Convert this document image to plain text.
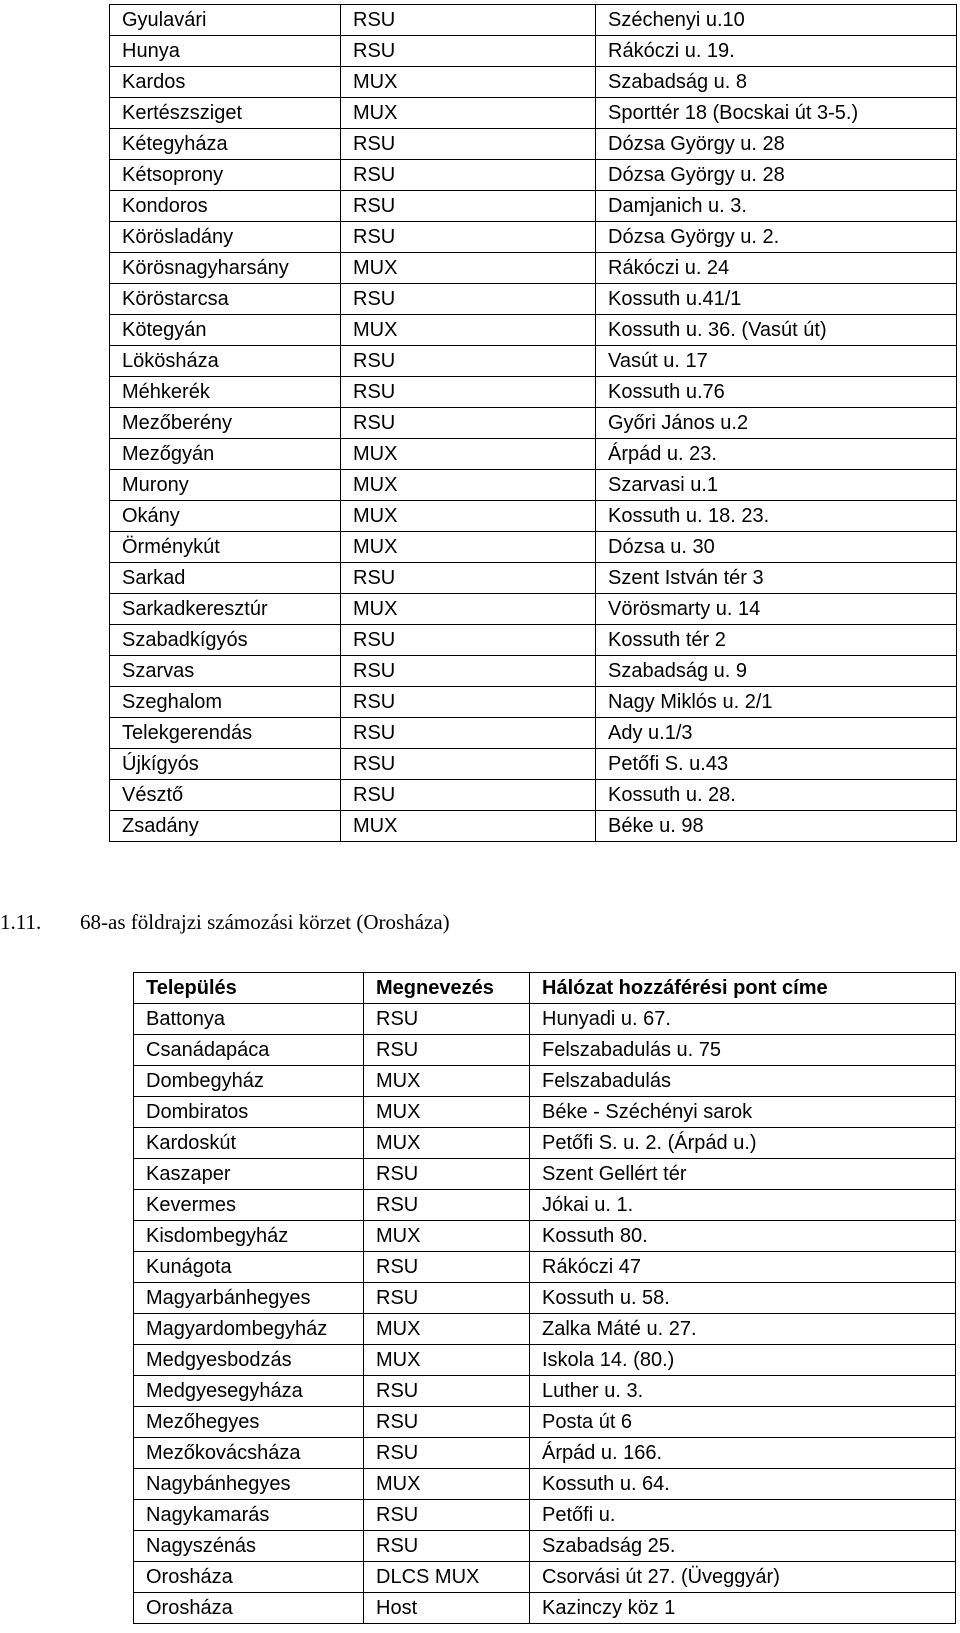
Gyulavári	RSU	Széchenyi u.10
Hunya	RSU	Rákóczi u. 19.
Kardos	MUX	Szabadság u. 8
Kertészsziget	MUX	Sporttér 18 (Bocskai út 3-5.)
Kétegyháza	RSU	Dózsa György u. 28
Kétsoprony	RSU	Dózsa György u. 28
Kondoros	RSU	Damjanich u. 3.
Körösladány	RSU	Dózsa György u. 2.
Körösnagyharsány	MUX	Rákóczi u. 24
Köröstarcsa	RSU	Kossuth u.41/1
Kötegyán	MUX	Kossuth u. 36. (Vasút út)
Lökösháza	RSU	Vasút u. 17
Méhkerék	RSU	Kossuth u.76
Mezőberény	RSU	Győri János u.2
Mezőgyán	MUX	Árpád u. 23.
Murony	MUX	Szarvasi u.1
Okány	MUX	Kossuth u. 18. 23.
Örménykút	MUX	Dózsa u. 30
Sarkad	RSU	Szent István tér 3
Sarkadkeresztúr	MUX	Vörösmarty u. 14
Szabadkígyós	RSU	Kossuth tér 2
Szarvas	RSU	Szabadság u. 9
Szeghalom	RSU	Nagy Miklós u. 2/1
Telekgerendás	RSU	Ady u.1/3
Újkígyós	RSU	Petőfi S. u.43
Vésztő	RSU	Kossuth u. 28.
Zsadány	MUX	Béke u. 98
1.11. 68-as földrajzi számozási körzet (Orosháza)
Település	Megnevezés	Hálózat hozzáférési pont címe
Battonya	RSU	Hunyadi u. 67.
Csanádapáca	RSU	Felszabadulás u. 75
Dombegyház	MUX	Felszabadulás
Dombiratos	MUX	Béke - Széchényi sarok
Kardoskút	MUX	Petőfi S. u. 2. (Árpád u.)
Kaszaper	RSU	Szent Gellért tér
Kevermes	RSU	Jókai u. 1.
Kisdombegyház	MUX	Kossuth 80.
Kunágota	RSU	Rákóczi 47
Magyarbánhegyes	RSU	Kossuth u. 58.
Magyardombegyház	MUX	Zalka Máté u. 27.
Medgyesbodzás	MUX	Iskola 14. (80.)
Medgyesegyháza	RSU	Luther u. 3.
Mezőhegyes	RSU	Posta út 6
Mezőkovácsháza	RSU	Árpád u. 166.
Nagybánhegyes	MUX	Kossuth u. 64.
Nagykamarás	RSU	Petőfi u.
Nagyszénás	RSU	Szabadság 25.
Orosháza	DLCS MUX	Csorvási út 27. (Üveggyár)
Orosháza	Host	Kazinczy köz 1
